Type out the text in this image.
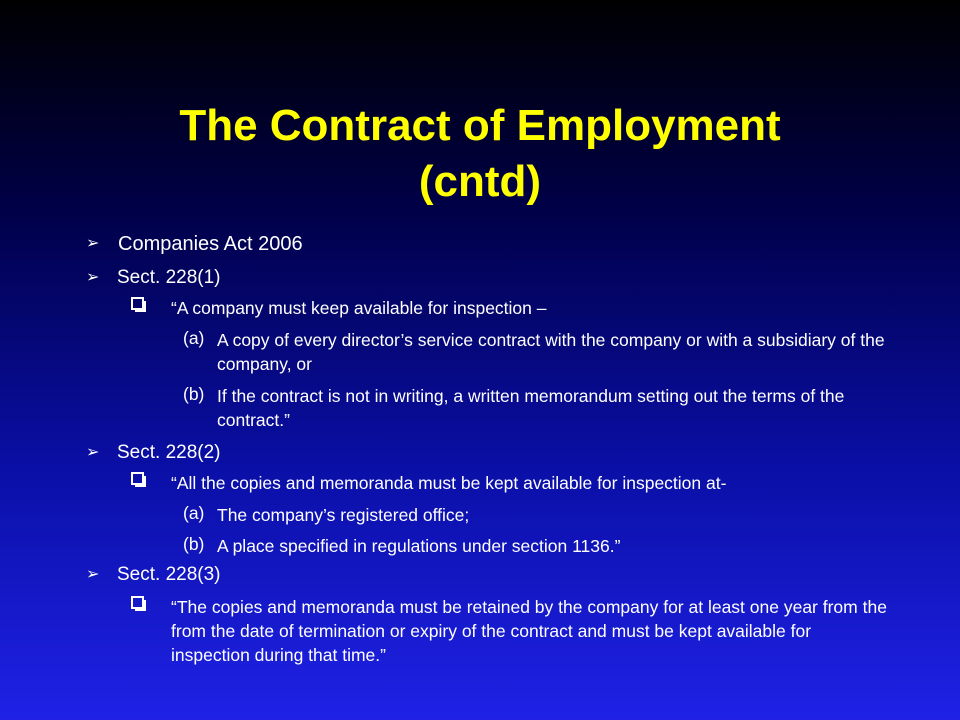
The Contract of Employment
(cntd)
➢ Companies Act 2006
➢ Sect. 228(1)
“A company must keep available for inspection –
(a) A copy of every director’s service contract with the company or with a subsidiary of the company, or
(b) If the contract is not in writing, a written memorandum setting out the terms of the contract.”
➢ Sect. 228(2)
“All the copies and memoranda must be kept available for inspection at-
(a) The company’s registered office;
(b) A place specified in regulations under section 1136.”
➢ Sect. 228(3)
“The copies and memoranda must be retained by the company for at least one year from the from the date of termination or expiry of the contract and must be kept available for inspection during that time.”
